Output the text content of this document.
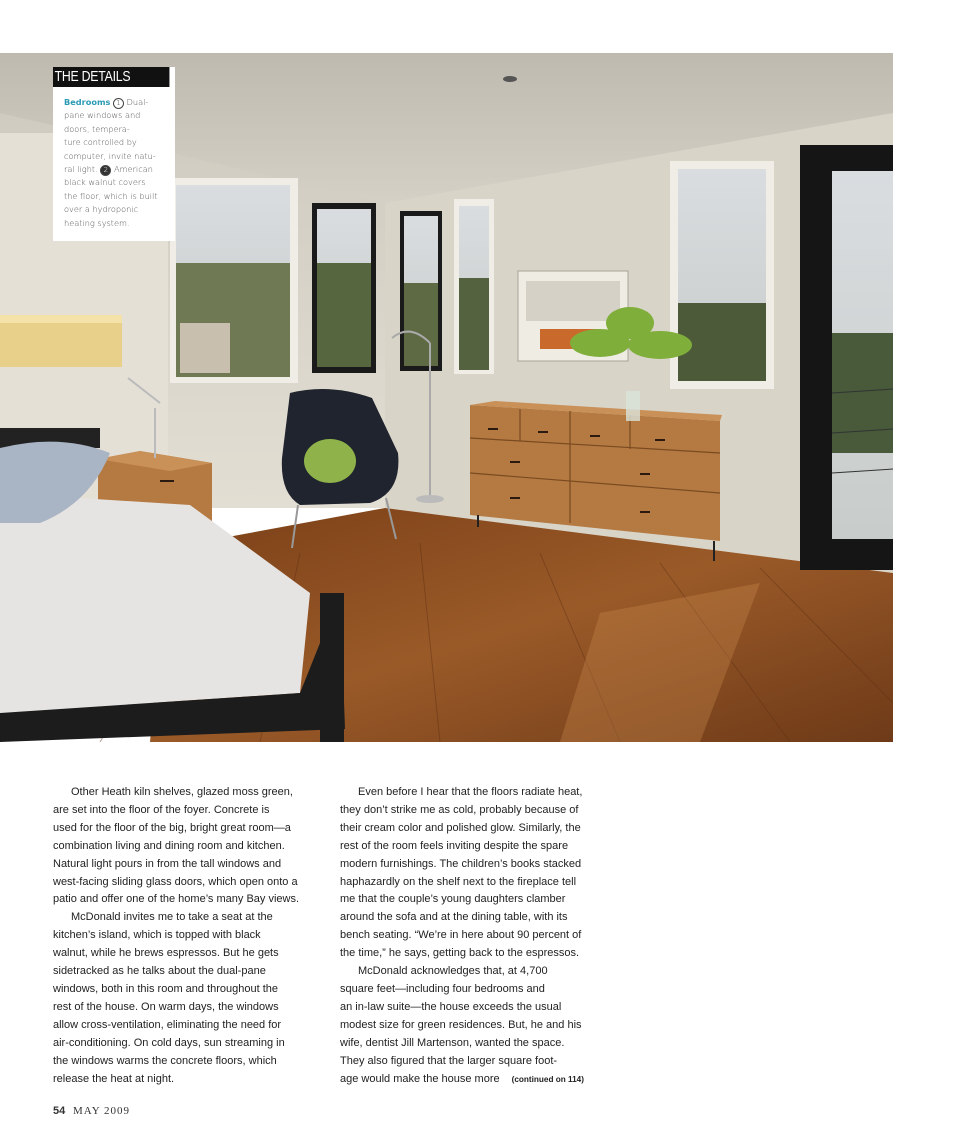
THE DETAILS
Bedrooms 1 Dual-
pane windows and
doors, tempera-
ture controlled by
computer, invite natu-
ral light. 2 American
black walnut covers
the floor, which is built
over a hydroponic
heating system.
Other Heath kiln shelves, glazed moss green,
are set into the floor of the foyer. Concrete is
used for the floor of the big, bright great room—a
combination living and dining room and kitchen.
Natural light pours in from the tall windows and
west-facing sliding glass doors, which open onto a
patio and offer one of the home’s many Bay views.
McDonald invites me to take a seat at the
kitchen’s island, which is topped with black
walnut, while he brews espressos. But he gets
sidetracked as he talks about the dual-pane
windows, both in this room and throughout the
rest of the house. On warm days, the windows
allow cross-ventilation, eliminating the need for
air-conditioning. On cold days, sun streaming in
the windows warms the concrete floors, which
release the heat at night.
Even before I hear that the floors radiate heat,
they don’t strike me as cold, probably because of
their cream color and polished glow. Similarly, the
rest of the room feels inviting despite the spare
modern furnishings. The children’s books stacked
haphazardly on the shelf next to the fireplace tell
me that the couple’s young daughters clamber
around the sofa and at the dining table, with its
bench seating. “We’re in here about 90 percent of
the time,” he says, getting back to the espressos.
McDonald acknowledges that, at 4,700
square feet—including four bedrooms and
an in-law suite—the house exceeds the usual
modest size for green residences. But, he and his
wife, dentist Jill Martenson, wanted the space.
They also figured that the larger square foot-
age would make the house more (continued on 114)
54 MAY 2009
